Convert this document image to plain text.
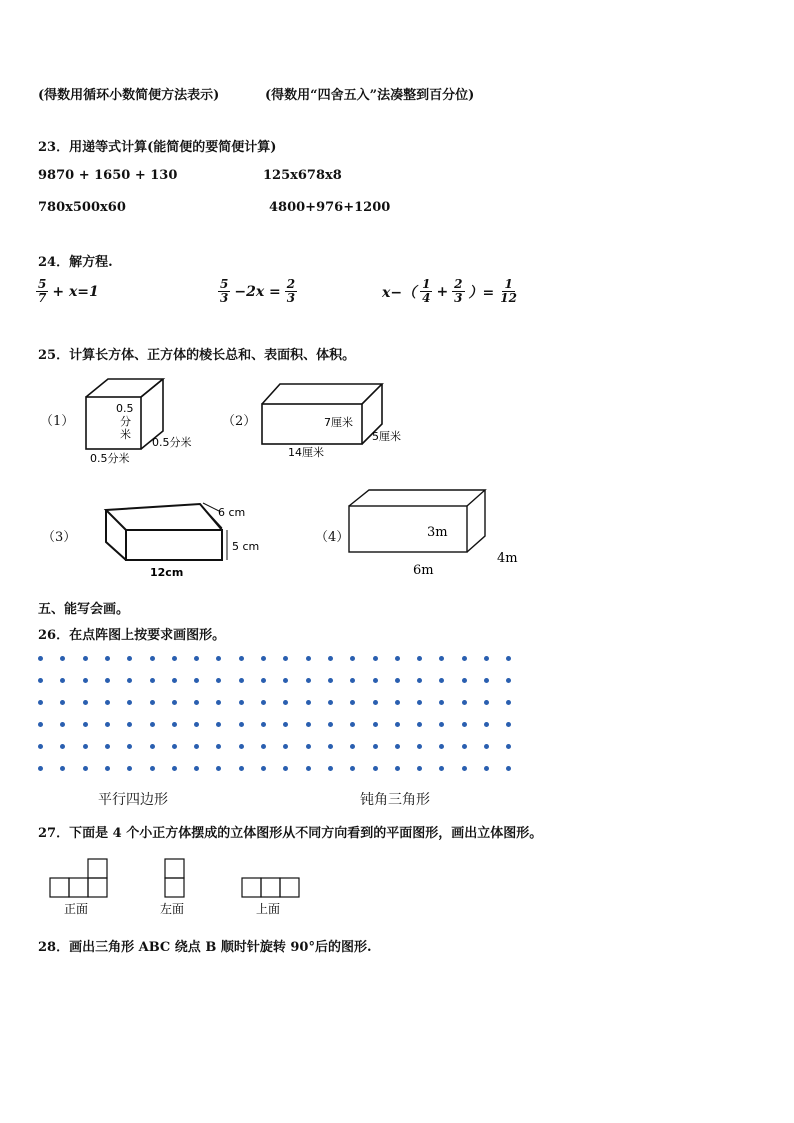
(得数用循环小数简便方法表示)	(得数用“四舍五入”法凑整到百分位)
23．用递等式计算(能简便的要简便计算)
9870 + 1650 + 130	125x678x8
780x500x60	4800+976+1200
24．解方程.
$\frac{5}{7} + x=1$	$\frac{5}{3} -2x = \frac{2}{3}$	$x-( \frac{1}{4} + \frac{2}{3}$ ）= $\frac{1}{12}$
25．计算长方体、正方体的棱长总和、表面积、体积。
（1）
0.5
分
米
0.5分米
0.5分米
（2）	7厘米
5厘米
14厘米
（3）
6 cm
5 cm
12cm
（4）	3m
4m
6m
五、能写会画。
26．在点阵图上按要求画图形。
平行四边形	钝角三角形
27．下面是 4 个小正方体摆成的立体图形从不同方向看到的平面图形，画出立体图形。
正面	左面	上面
28．画出三角形 ABC 绕点 B 顺时针旋转 90°后的图形.
